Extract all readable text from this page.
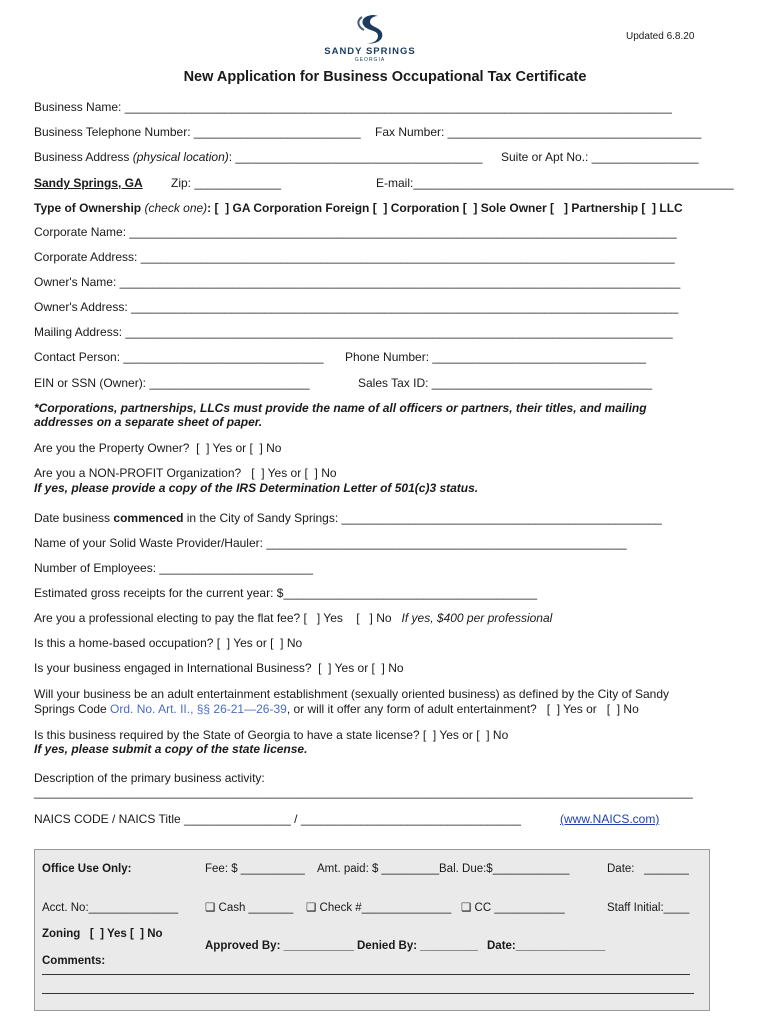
SANDY SPRINGS
GEORGIA
Updated 6.8.20
New Application for Business Occupational Tax Certificate
Business Name: __________________________________________________________________________________
Business Telephone Number: _________________________ Fax Number: ______________________________________
Business Address (physical location): _____________________________________ Suite or Apt No.: ________________
Sandy Springs, GA Zip: _____________	E-mail:________________________________________________
Type of Ownership (check one): [  ] GA Corporation Foreign [  ] Corporation [  ] Sole Owner [   ] Partnership [  ] LLC
Corporate Name: __________________________________________________________________________________
Corporate Address: ________________________________________________________________________________
Owner's Name: ____________________________________________________________________________________
Owner's Address: __________________________________________________________________________________
Mailing Address: __________________________________________________________________________________
Contact Person: ______________________________ Phone Number: ________________________________
EIN or SSN (Owner): ________________________	Sales Tax ID: _________________________________
*Corporations, partnerships, LLCs must provide the name of all officers or partners, their titles, and mailing
addresses on a separate sheet of paper.
Are you the Property Owner?  [  ] Yes or [  ] No
Are you a NON-PROFIT Organization?   [  ] Yes or [  ] No
If yes, please provide a copy of the IRS Determination Letter of 501(c)3 status.
Date business commenced in the City of Sandy Springs: ________________________________________________
Name of your Solid Waste Provider/Hauler: ______________________________________________________
Number of Employees: _______________________
Estimated gross receipts for the current year: $______________________________________
Are you a professional electing to pay the flat fee? [   ] Yes    [   ] No   If yes, $400 per professional
Is this a home-based occupation? [  ] Yes or [  ] No
Is your business engaged in International Business?  [  ] Yes or [  ] No
Will your business be an adult entertainment establishment (sexually oriented business) as defined by the City of Sandy
Springs Code Ord. No. Art. II., §§ 26-21—26-39, or will it offer any form of adult entertainment?   [  ] Yes or   [  ] No
Is this business required by the State of Georgia to have a state license? [  ] Yes or [  ] No
If yes, please submit a copy of the state license.
Description of the primary business activity:
_______________________________________________________________________________________________________
NAICS CODE / NAICS Title ________________ / _________________________________	(www.NAICS.com)
Office Use Only:	Fee: $ __________ Amt. paid: $ _________ Bal. Due:$____________	Date:   _______
Acct. No:______________ ❑ Cash _______ ❑ Check #______________ ❑ CC ___________	Staff Initial:____
Zoning   [  ] Yes [  ] No
Approved By: ___________ Denied By: _________ Date:______________
Comments:
